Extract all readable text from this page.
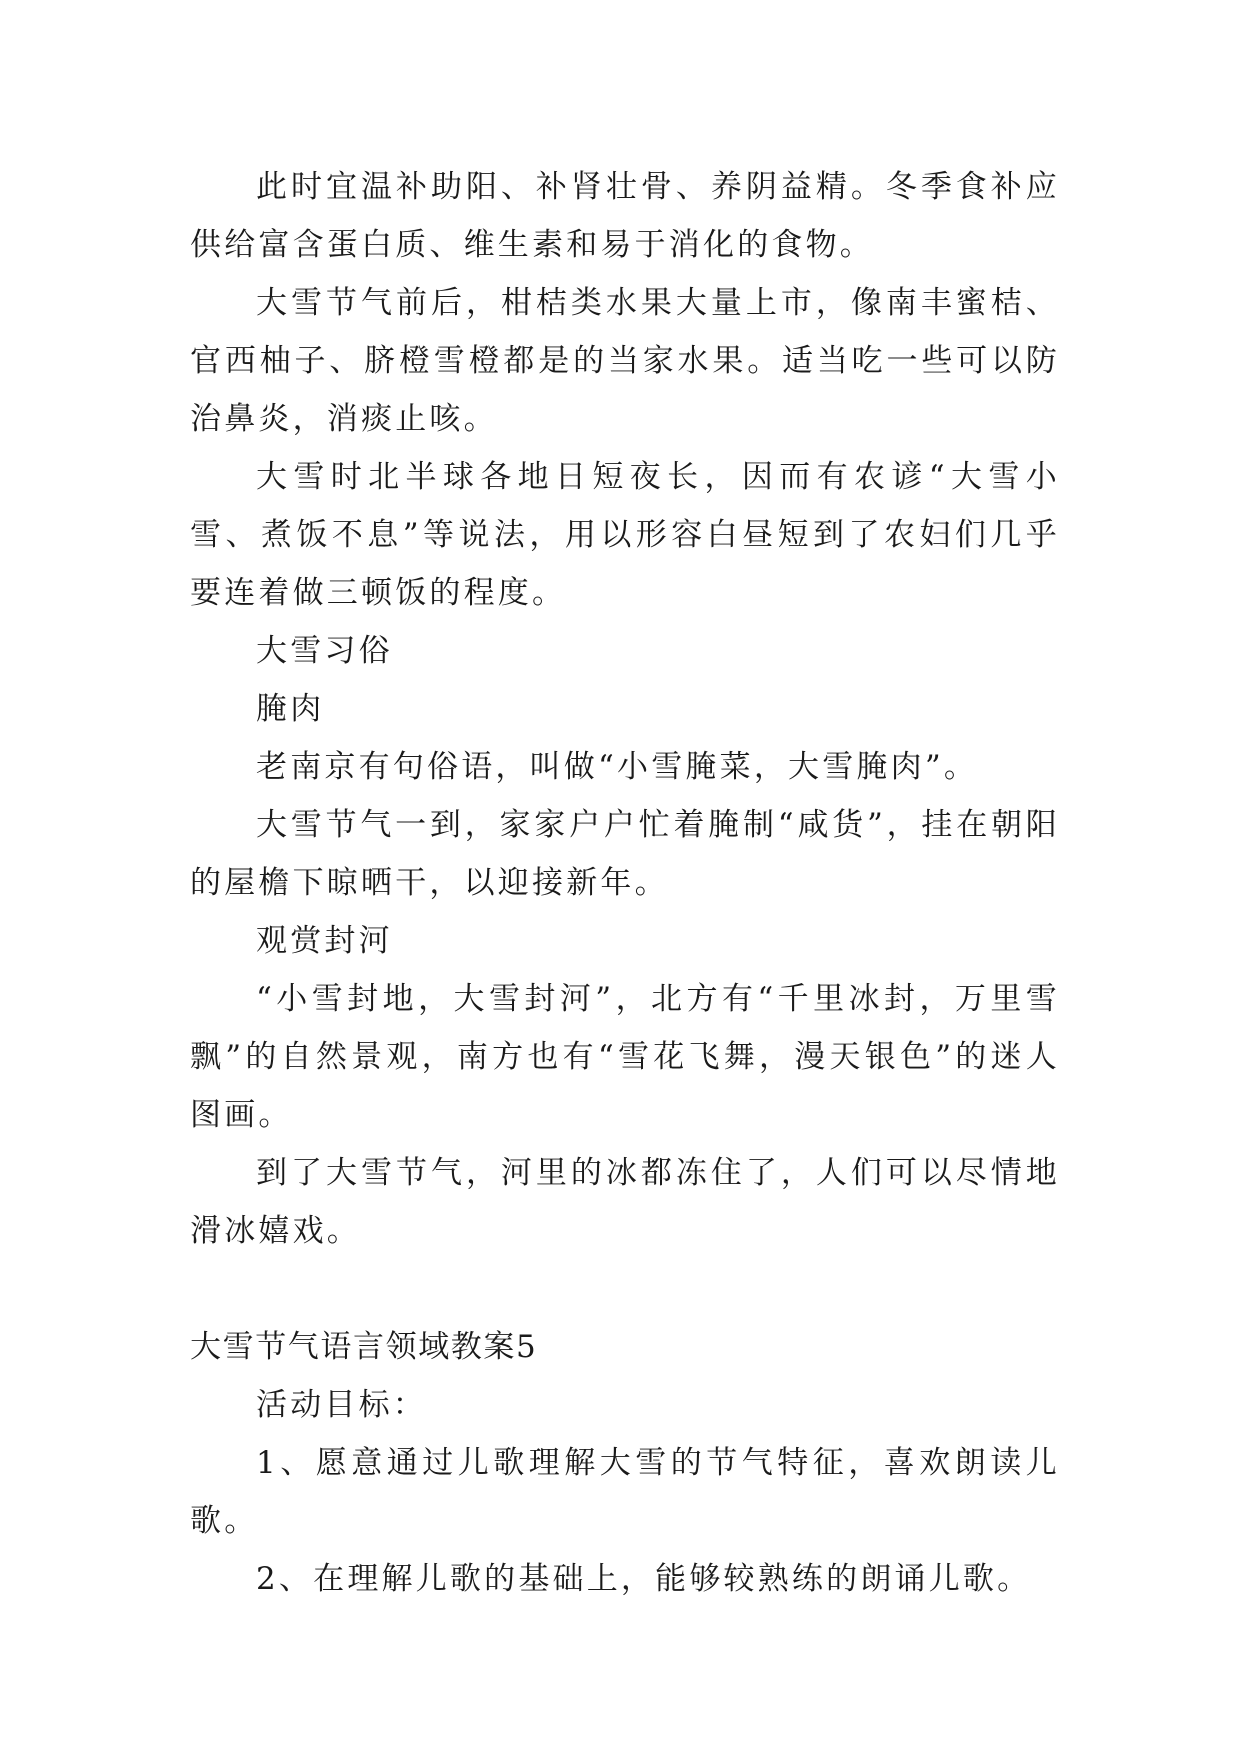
此时宜温补助阳、补肾壮骨、养阴益精。冬季食补应供给富含蛋白质、维生素和易于消化的食物。

大雪节气前后，柑桔类水果大量上市，像南丰蜜桔、官西柚子、脐橙雪橙都是的当家水果。适当吃一些可以防治鼻炎，消痰止咳。

大雪时北半球各地日短夜长，因而有农谚“大雪小雪、煮饭不息”等说法，用以形容白昼短到了农妇们几乎要连着做三顿饭的程度。

大雪习俗

腌肉

老南京有句俗语，叫做“小雪腌菜，大雪腌肉”。

大雪节气一到，家家户户忙着腌制“咸货”，挂在朝阳的屋檐下晾晒干，以迎接新年。

观赏封河

“小雪封地，大雪封河”，北方有“千里冰封，万里雪飘”的自然景观，南方也有“雪花飞舞，漫天银色”的迷人图画。

到了大雪节气，河里的冰都冻住了，人们可以尽情地滑冰嬉戏。

大雪节气语言领域教案5

活动目标：

1、愿意通过儿歌理解大雪的节气特征，喜欢朗读儿歌。

2、在理解儿歌的基础上，能够较熟练的朗诵儿歌。
